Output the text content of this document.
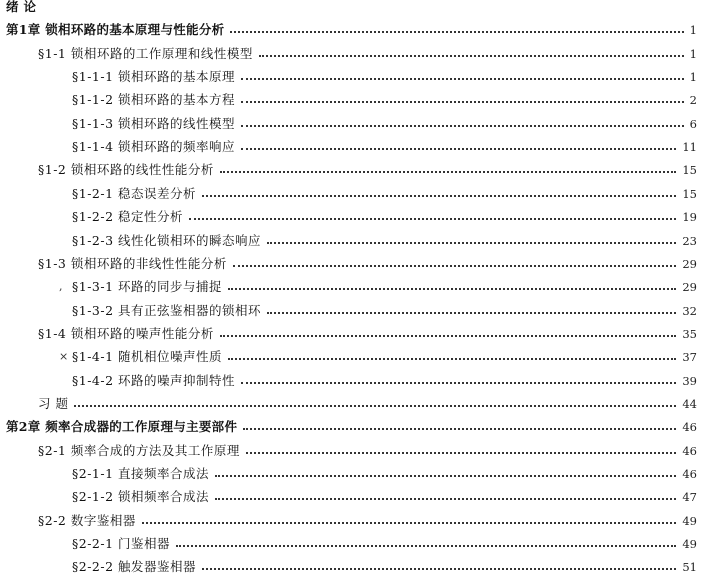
绪 论
第1章 锁相环路的基本原理与性能分析	1
§1-1 锁相环路的工作原理和线性模型	1
§1-1-1 锁相环路的基本原理	1
§1-1-2 锁相环路的基本方程	2
§1-1-3 锁相环路的线性模型	6
§1-1-4 锁相环路的频率响应	11
§1-2 锁相环路的线性性能分析	15
§1-2-1 稳态误差分析	15
§1-2-2 稳定性分析	19
§1-2-3 线性化锁相环的瞬态响应	23
§1-3 锁相环路的非线性性能分析	29
, §1-3-1 环路的同步与捕捉	29
§1-3-2 具有正弦鉴相器的锁相环	32
§1-4 锁相环路的噪声性能分析	35
× §1-4-1 随机相位噪声性质	37
§1-4-2 环路的噪声抑制特性	39
习 题	44
第2章 频率合成器的工作原理与主要部件	46
§2-1 频率合成的方法及其工作原理	46
§2-1-1 直接频率合成法	46
§2-1-2 锁相频率合成法	47
§2-2 数字鉴相器	49
§2-2-1 门鉴相器	49
§2-2-2 触发器鉴相器	51
